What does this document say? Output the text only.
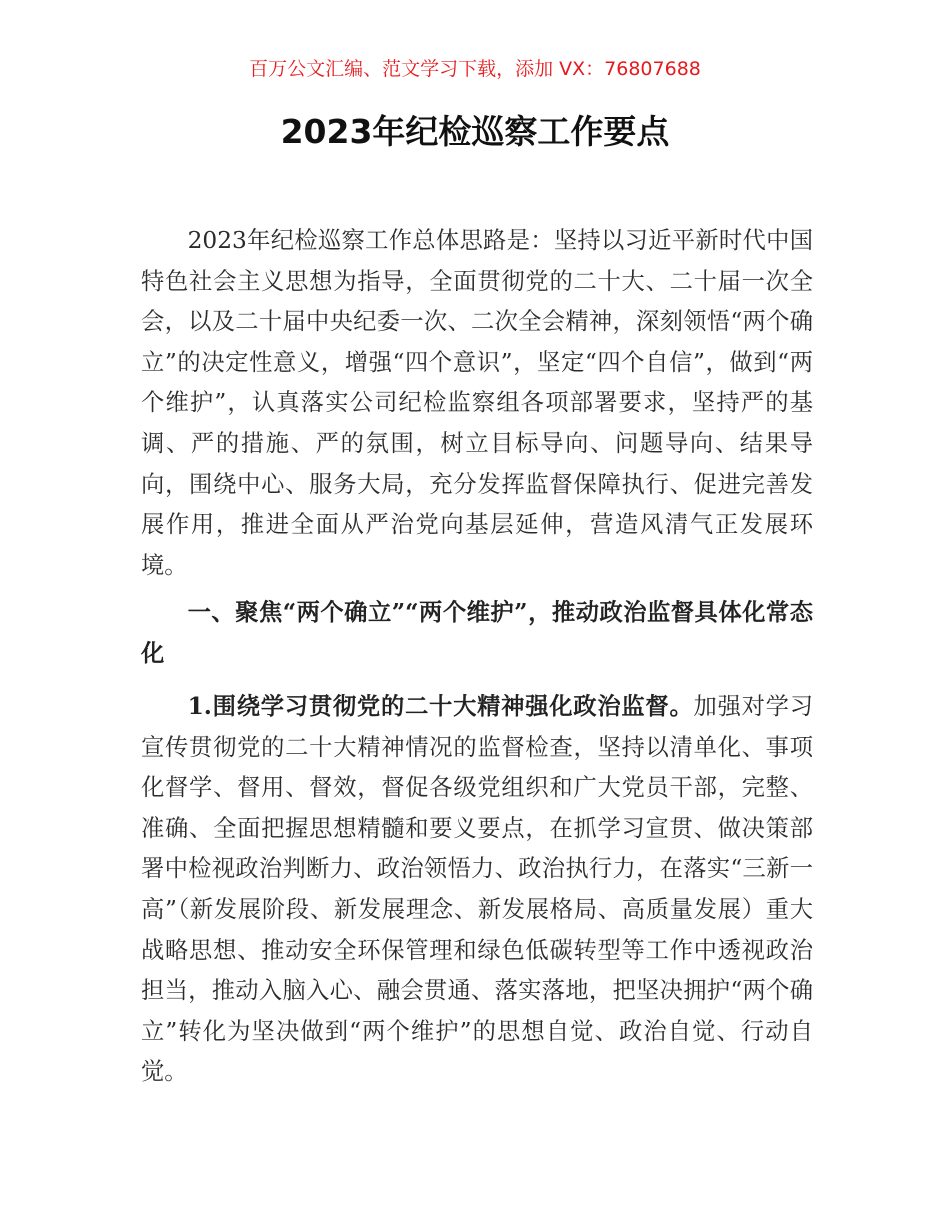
百万公文汇编、范文学习下载，添加 VX：76807688
2023年纪检巡察工作要点

2023年纪检巡察工作总体思路是：坚持以习近平新时代中国特色社会主义思想为指导，全面贯彻党的二十大、二十届一次全会，以及二十届中央纪委一次、二次全会精神，深刻领悟“两个确立”的决定性意义，增强“四个意识”，坚定“四个自信”，做到“两个维护”，认真落实公司纪检监察组各项部署要求，坚持严的基调、严的措施、严的氛围，树立目标导向、问题导向、结果导向，围绕中心、服务大局，充分发挥监督保障执行、促进完善发展作用，推进全面从严治党向基层延伸，营造风清气正发展环境。

一、聚焦“两个确立”“两个维护”，推动政治监督具体化常态化

1.围绕学习贯彻党的二十大精神强化政治监督。加强对学习宣传贯彻党的二十大精神情况的监督检查，坚持以清单化、事项化督学、督用、督效，督促各级党组织和广大党员干部，完整、准确、全面把握思想精髓和要义要点，在抓学习宣贯、做决策部署中检视政治判断力、政治领悟力、政治执行力，在落实“三新一高”（新发展阶段、新发展理念、新发展格局、高质量发展）重大战略思想、推动安全环保管理和绿色低碳转型等工作中透视政治担当，推动入脑入心、融会贯通、落实落地，把坚决拥护“两个确立”转化为坚决做到“两个维护”的思想自觉、政治自觉、行动自觉。
